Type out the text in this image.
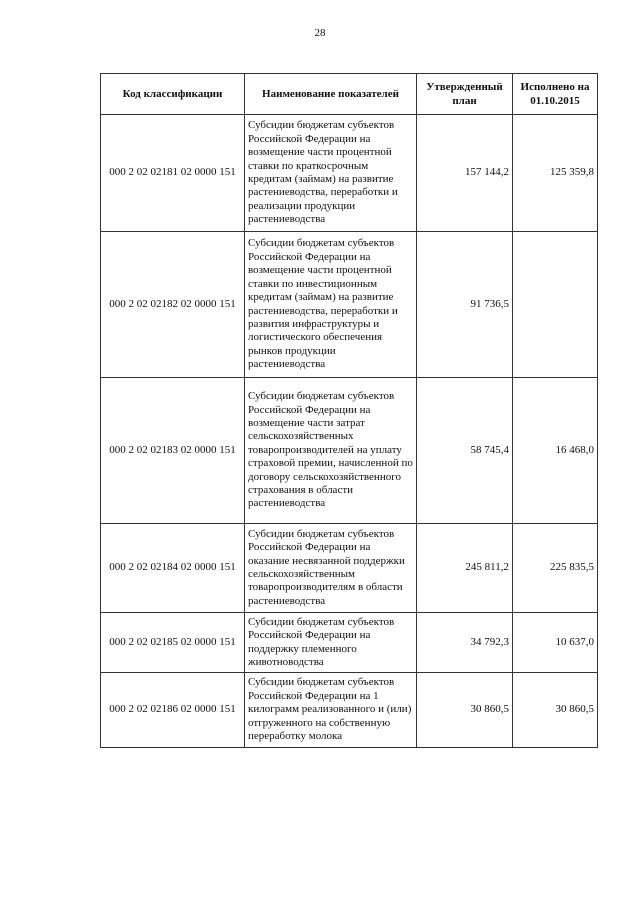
28
Код классификации	Наименование показателей	Утвержденный план	Исполнено на 01.10.2015
000 2 02 02181 02 0000 151	Субсидии бюджетам субъектов Российской Федерации на возмещение части процентной ставки по краткосрочным кредитам (займам) на развитие растениеводства, переработки и реализации продукции растениеводства	157 144,2	125 359,8
000 2 02 02182 02 0000 151	Субсидии бюджетам субъектов Российской Федерации на возмещение части процентной ставки по инвестиционным кредитам (займам) на развитие растениеводства, переработки и развития инфраструктуры и логистического обеспечения рынков продукции растениеводства	91 736,5	
000 2 02 02183 02 0000 151	Субсидии бюджетам субъектов Российской Федерации на возмещение части затрат сельскохозяйственных товаропроизводителей на уплату страховой премии, начисленной по договору сельскохозяйственного страхования в области растениеводства	58 745,4	16 468,0
000 2 02 02184 02 0000 151	Субсидии бюджетам субъектов Российской Федерации на оказание несвязанной поддержки сельскохозяйственным товаропроизводителям в области растениеводства	245 811,2	225 835,5
000 2 02 02185 02 0000 151	Субсидии бюджетам субъектов Российской Федерации на поддержку племенного животноводства	34 792,3	10 637,0
000 2 02 02186 02 0000 151	Субсидии бюджетам субъектов Российской Федерации на 1 килограмм реализованного и (или) отгруженного на собственную переработку молока	30 860,5	30 860,5
